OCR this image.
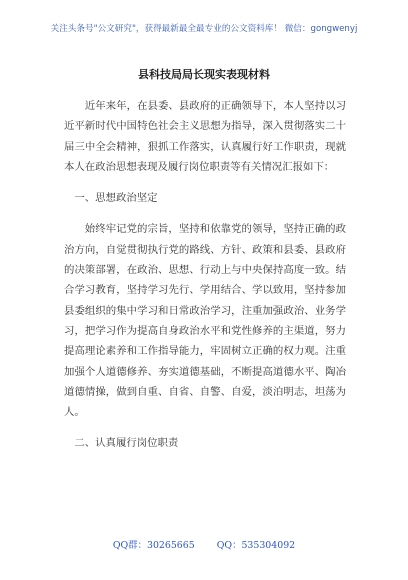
关注头条号"公文研究"，获得最新最全最专业的公文资料库！ 微信：gongwenyj
县科技局局长现实表现材料

近年来年，在县委、县政府的正确领导下，本人坚持以习近平新时代中国特色社会主义思想为指导，深入贯彻落实二十届三中全会精神，狠抓工作落实，认真履行好工作职责，现就本人在政治思想表现及履行岗位职责等有关情况汇报如下：

一、思想政治坚定

始终牢记党的宗旨，坚持和依靠党的领导，坚持正确的政治方向，自觉贯彻执行党的路线、方针、政策和县委、县政府的决策部署，在政治、思想、行动上与中央保持高度一致。结合学习教育，坚持学习先行、学用结合、学以致用，坚持参加县委组织的集中学习和日常政治学习，注重加强政治、业务学习，把学习作为提高自身政治水平和党性修养的主渠道，努力提高理论素养和工作指导能力，牢固树立正确的权力观。注重加强个人道德修养、夯实道德基础，不断提高道德水平、陶冶道德情操，做到自重、自省、自警、自爱，淡泊明志，坦荡为人。

二、认真履行岗位职责

QQ群：30265665 QQ：535304092
